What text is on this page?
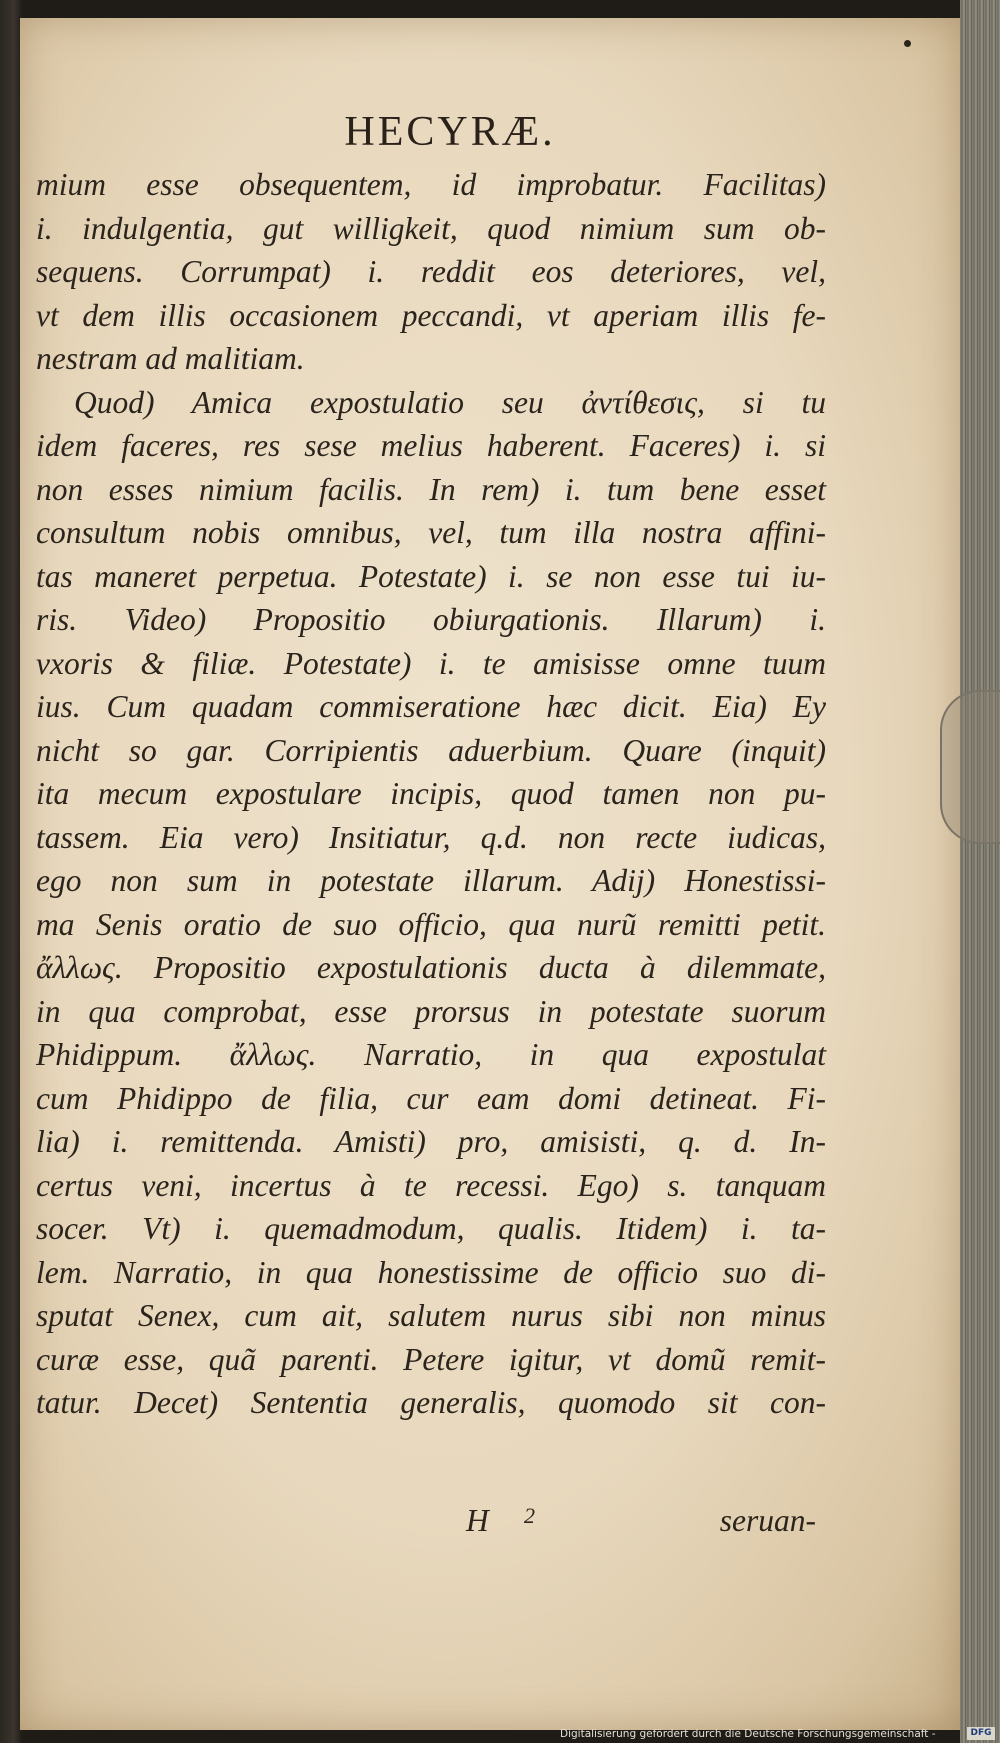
HECYRÆ.
mium esse obsequentem, id improbatur. Facilitas)
i. indulgentia, gut willigkeit, quod nimium sum ob-
sequens. Corrumpat) i. reddit eos deteriores, vel,
vt dem illis occasionem peccandi, vt aperiam illis fe-
nestram ad malitiam.
Quod) Amica expostulatio seu ἀντίθεσις, si tu
idem faceres, res sese melius haberent. Faceres) i. si
non esses nimium facilis. In rem) i. tum bene esset
consultum nobis omnibus, vel, tum illa nostra affini-
tas maneret perpetua. Potestate) i. se non esse tui iu-
ris. Video) Propositio obiurgationis. Illarum) i.
vxoris & filiæ. Potestate) i. te amisisse omne tuum
ius. Cum quadam commiseratione hæc dicit. Eia) Ey
nicht so gar. Corripientis aduerbium. Quare (inquit)
ita mecum expostulare incipis, quod tamen non pu-
tassem. Eia vero) Insitiatur, q.d. non recte iudicas,
ego non sum in potestate illarum. Adij) Honestissi-
ma Senis oratio de suo officio, qua nurũ remitti petit.
ἄλλως. Propositio expostulationis ducta à dilemmate,
in qua comprobat, esse prorsus in potestate suorum
Phidippum. ἄλλως. Narratio, in qua expostulat
cum Phidippo de filia, cur eam domi detineat. Fi-
lia) i. remittenda. Amisti) pro, amisisti, q. d. In-
certus veni, incertus à te recessi. Ego) s. tanquam
socer. Vt) i. quemadmodum, qualis. Itidem) i. ta-
lem. Narratio, in qua honestissime de officio suo di-
sputat Senex, cum ait, salutem nurus sibi non minus
curæ esse, quã parenti. Petere igitur, vt domũ remit-
tatur. Decet) Sententia generalis, quomodo sit con-
H 2	seruan-
Digitalisierung gefördert durch die Deutsche Forschungsgemeinschaft -	DFG
